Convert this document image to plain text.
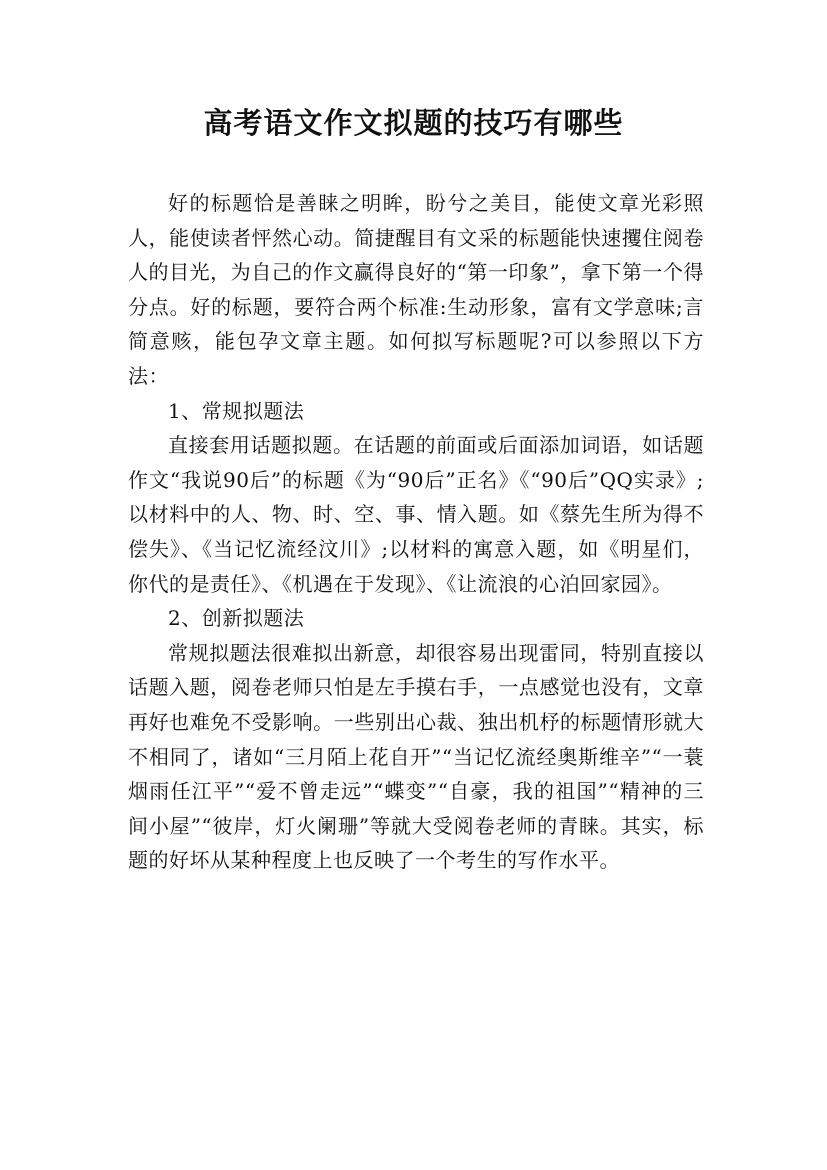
高考语文作文拟题的技巧有哪些

好的标题恰是善睐之明眸，盼兮之美目，能使文章光彩照人，能使读者怦然心动。简捷醒目有文采的标题能快速攫住阅卷人的目光，为自己的作文赢得良好的“第一印象”，拿下第一个得分点。好的标题，要符合两个标准:生动形象，富有文学意味;言简意赅，能包孕文章主题。如何拟写标题呢?可以参照以下方法：

1、常规拟题法

直接套用话题拟题。在话题的前面或后面添加词语，如话题作文“我说90后”的标题《为“90后”正名》《“90后”QQ实录》;以材料中的人、物、时、空、事、情入题。如《蔡先生所为得不偿失》、《当记忆流经汶川》;以材料的寓意入题，如《明星们，你代的是责任》、《机遇在于发现》、《让流浪的心泊回家园》。

2、创新拟题法

常规拟题法很难拟出新意，却很容易出现雷同，特别直接以话题入题，阅卷老师只怕是左手摸右手，一点感觉也没有，文章再好也难免不受影响。一些别出心裁、独出机杼的标题情形就大不相同了，诸如“三月陌上花自开”“当记忆流经奥斯维辛”“一蓑烟雨任江平”“爱不曾走远”“蝶变”“自豪，我的祖国”“精神的三间小屋”“彼岸，灯火阑珊”等就大受阅卷老师的青睐。其实，标题的好坏从某种程度上也反映了一个考生的写作水平。
